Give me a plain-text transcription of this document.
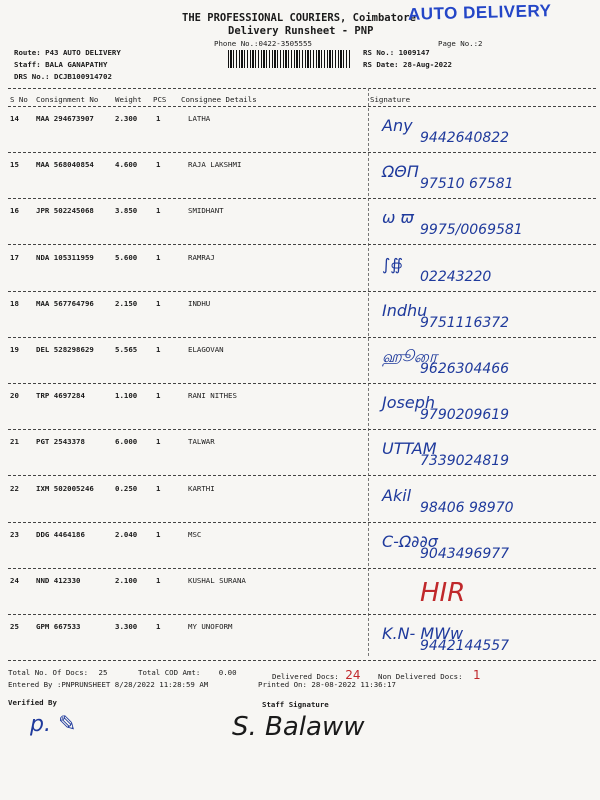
THE PROFESSIONAL COURIERS, Coimbatore
AUTO DELIVERY
Delivery Runsheet - PNP
Phone No.:0422-3505555	Page No.:2
Route: P43 AUTO DELIVERY
Staff: BALA GANAPATHY
DRS No.: DCJB100914702
RS No.: 1009147
RS Date: 28-Aug-2022
S No Consignment No Weight PCS Consignee Details	Signature
14 MAA 294673907	2.300	1	LATHA	Any
9442640822
15 MAA 568040854	4.600	1	RAJA LAKSHMI	ΩΘΠ
97510 67581
16 JPR 502245068	3.850	1	SMIDHANT	ω ϖ
9975/0069581
17 NDA 105311959	5.600	1	RAMRAJ	∫∯
02243220
18 MAA 567764796	2.150	1	INDHU	Indhu
9751116372
19 DEL 528298629	5.565	1	ELAGOVAN	ஹூரை
9626304466
20 TRP 4697284	1.100	1	RANI NITHES	Joseph
9790209619
21 PGT 2543378	6.000	1	TALWAR	UTTAM
7339024819
22 IXM 502005246	0.250	1	KARTHI	Akil
98406 98970
23 DDG 4464186	2.040	1	MSC	C-Ω∂∂σ
9043496977
24 NND 412330	2.100	1	KUSHAL SURANA	HIR
25 GPM 667533	3.300	1	MY UNOFORM	K.N- MWw
9442144557
Total No. Of Docs: 25	Total COD Amt: 0.00	Delivered Docs: 24 Non Delivered Docs: 1
Entered By :PNPRUNSHEET 8/28/2022 11:28:59 AM	Printed On: 28-08-2022 11:36:17
Verified By	Staff Signature
p. ✎	S. Balaww
